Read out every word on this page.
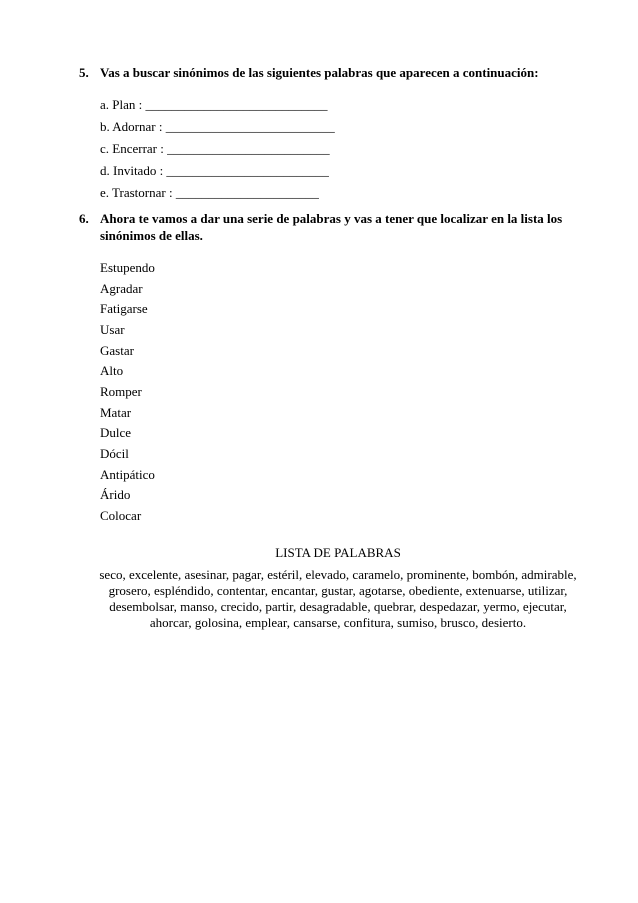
5. Vas a buscar sinónimos de las siguientes palabras que aparecen a continuación:
a. Plan : ____________________________
b. Adornar : __________________________
c. Encerrar : _________________________
d. Invitado : _________________________
e. Trastornar : ______________________
6. Ahora te vamos a dar una serie de palabras y vas a tener que localizar en la lista los
sinónimos de ellas.
Estupendo
Agradar
Fatigarse
Usar
Gastar
Alto
Romper
Matar
Dulce
Dócil
Antipático
Árido
Colocar
LISTA DE PALABRAS
seco, excelente, asesinar, pagar, estéril, elevado, caramelo, prominente, bombón, admirable,
grosero, espléndido, contentar, encantar, gustar, agotarse, obediente, extenuarse, utilizar,
desembolsar, manso, crecido, partir, desagradable, quebrar, despedazar, yermo, ejecutar,
ahorcar, golosina, emplear, cansarse, confitura, sumiso, brusco, desierto.
